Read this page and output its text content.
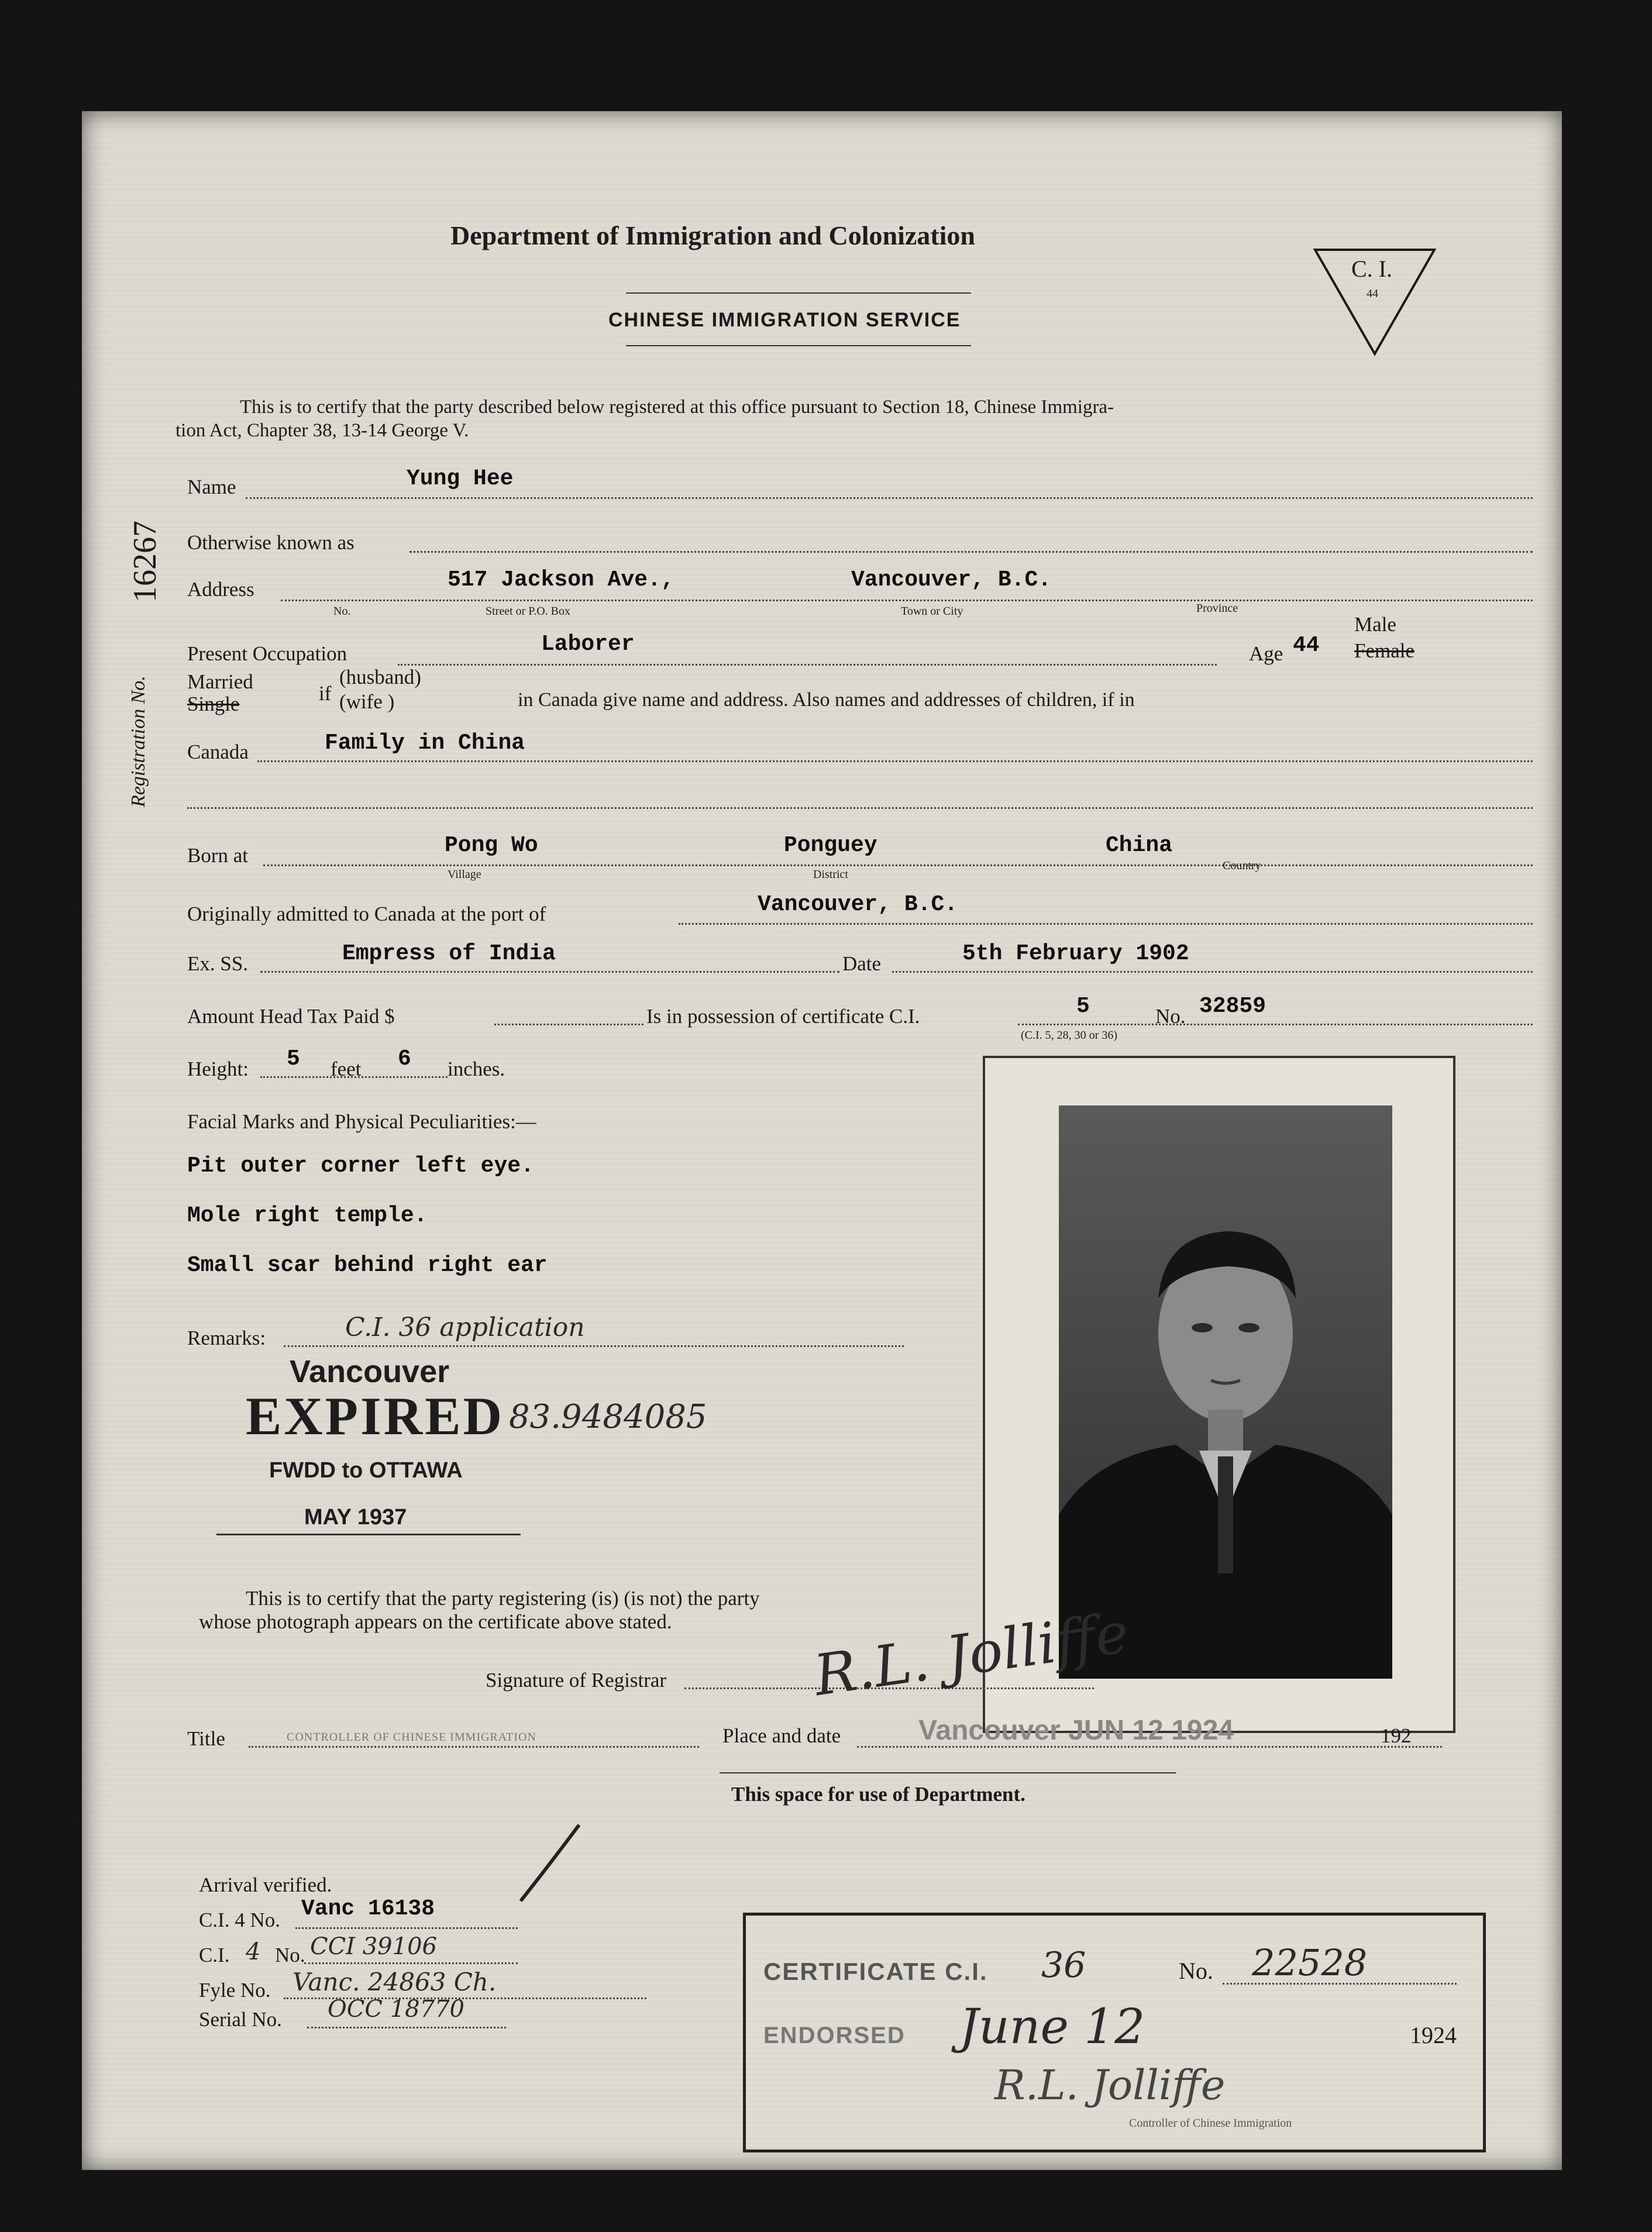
Department of Immigration and Colonization
CHINESE IMMIGRATION SERVICE
C. I.
44
This is to certify that the party described below registered at this office pursuant to Section 18, Chinese Immigra-
tion Act, Chapter 38, 13-14 George V.
Registration No.
16267
Name	Yung Hee
Otherwise known as
Address	517 Jackson Ave.,	Vancouver, B.C.
No.	Street or P.O. Box	Town or City	Province
Present Occupation	Laborer	Age 44
Male
Female
Married
Single	if
(husband)
(wife )	in Canada give name and address. Also names and addresses of children, if in
Canada	Family in China
Born at	Pong Wo	Ponguey	China
Village	District
Country
Originally admitted to Canada at the port of	Vancouver, B.C.
Ex. SS.	Empress of India	Date	5th February 1902
Amount Head Tax Paid $	Is in possession of certificate C.I.	5	No. 32859
(C.I. 5, 28, 30 or 36)
Height: 5 feet 6 inches.
Facial Marks and Physical Peculiarities:—
Pit outer corner left eye.
Mole right temple.
Small scar behind right ear
Remarks:	C.I. 36 application
Vancouver
EXPIRED 83.9484085
FWDD to OTTAWA
MAY 1937
This is to certify that the party registering (is) (is not) the party
whose photograph appears on the certificate above stated.
Signature of Registrar	R.L. Jolliffe
Title	CONTROLLER OF CHINESE IMMIGRATION	Place and date	Vancouver JUN 12 1924	192
This space for use of Department.
Arrival verified.
C.I. 4 No. Vanc 16138
C.I. 4 No. CCI 39106
Fyle No. Vanc. 24863 Ch.
Serial No. OCC 18770
CERTIFICATE C.I. 36	No. 22528
ENDORSED June 12	1924
R.L. Jolliffe
Controller of Chinese Immigration
